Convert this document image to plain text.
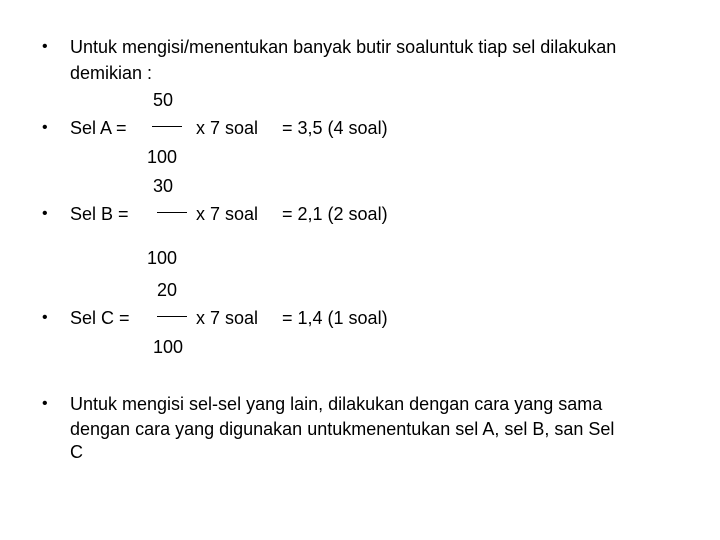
• Untuk mengisi/menentukan banyak butir soaluntuk tiap sel dilakukan
demikian :
50
• Sel A =	x 7 soal = 3,5 (4 soal)
100
30
• Sel B =	x 7 soal = 2,1 (2 soal)
100
20
• Sel C =	x 7 soal = 1,4 (1 soal)
100
• Untuk mengisi sel-sel yang lain, dilakukan dengan cara yang sama
dengan cara yang digunakan untukmenentukan sel A, sel B, san Sel
C
